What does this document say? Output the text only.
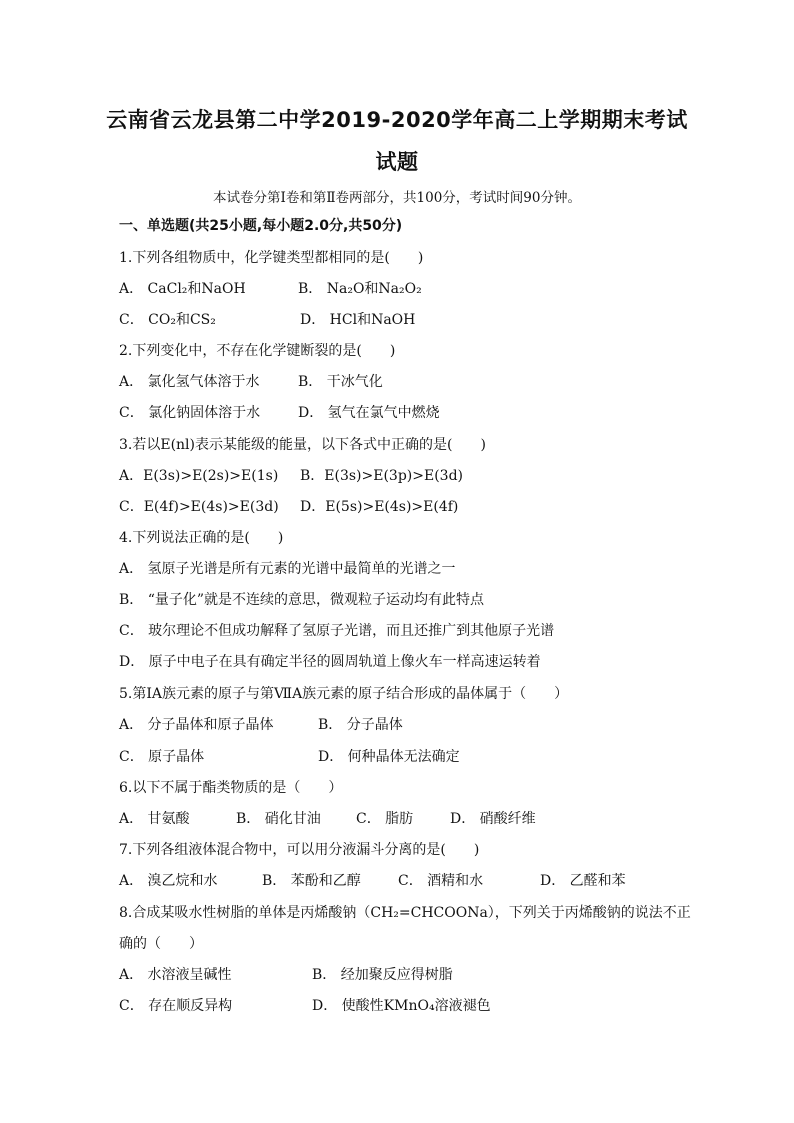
云南省云龙县第二中学2019-2020学年高二上学期期末考试
试题
本试卷分第Ⅰ卷和第Ⅱ卷两部分，共100分，考试时间90分钟。
一、单选题(共25小题,每小题2.0分,共50分)
1.下列各组物质中，化学键类型都相同的是(　　)
A． CaCl₂和NaOH	B． Na₂O和Na₂O₂
C． CO₂和CS₂	D． HCl和NaOH
2.下列变化中，不存在化学键断裂的是(　　)
A． 氯化氢气体溶于水	B． 干冰气化
C． 氯化钠固体溶于水	D． 氢气在氯气中燃烧
3.若以E(nl)表示某能级的能量，以下各式中正确的是(　　)
A．E(3s)>E(2s)>E(1s) B．E(3s)>E(3p)>E(3d)
C．E(4f)>E(4s)>E(3d) D．E(5s)>E(4s)>E(4f)
4.下列说法正确的是(　　)
A． 氢原子光谱是所有元素的光谱中最简单的光谱之一
B． “量子化”就是不连续的意思，微观粒子运动均有此特点
C． 玻尔理论不但成功解释了氢原子光谱，而且还推广到其他原子光谱
D． 原子中电子在具有确定半径的圆周轨道上像火车一样高速运转着
5.第ⅠA族元素的原子与第ⅦA族元素的原子结合形成的晶体属于（　　）
A． 分子晶体和原子晶体	B． 分子晶体
C． 原子晶体	D． 何种晶体无法确定
6.以下不属于酯类物质的是（　　）
A． 甘氨酸	B． 硝化甘油	C． 脂肪	D． 硝酸纤维
7.下列各组液体混合物中，可以用分液漏斗分离的是(　　)
A． 溴乙烷和水	B． 苯酚和乙醇	C． 酒精和水	D． 乙醛和苯
8.合成某吸水性树脂的单体是丙烯酸钠（CH₂=CHCOONa），下列关于丙烯酸钠的说法不正
确的（　　）
A． 水溶液呈碱性	B． 经加聚反应得树脂
C． 存在顺反异构	D． 使酸性KMnO₄溶液褪色
